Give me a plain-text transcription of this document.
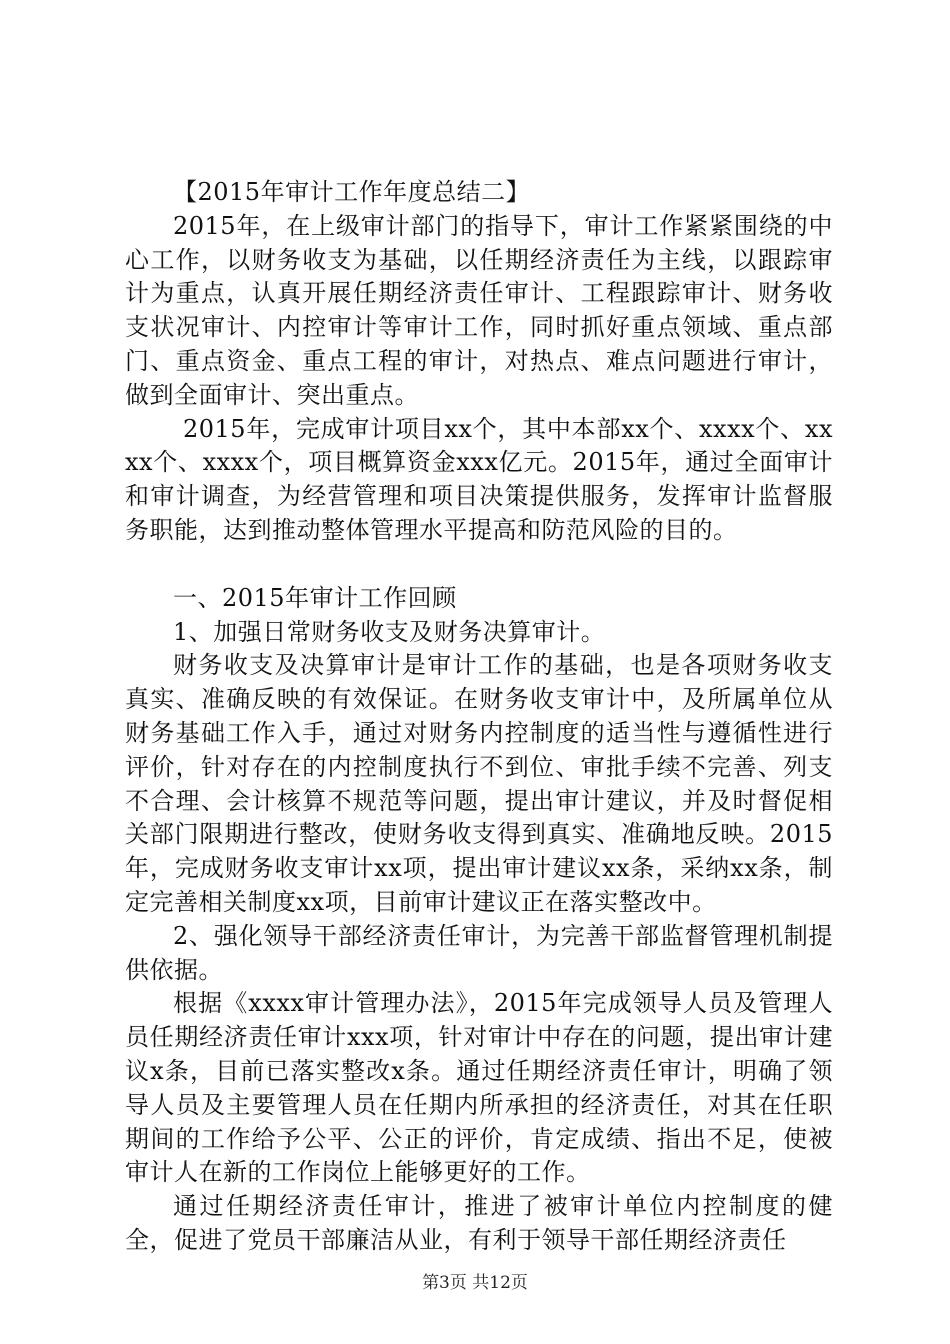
【2015年审计工作年度总结二】

2015年，在上级审计部门的指导下，审计工作紧紧围绕的中心工作，以财务收支为基础，以任期经济责任为主线，以跟踪审计为重点，认真开展任期经济责任审计、工程跟踪审计、财务收支状况审计、内控审计等审计工作，同时抓好重点领域、重点部门、重点资金、重点工程的审计，对热点、难点问题进行审计，做到全面审计、突出重点。

2015年，完成审计项目xx个，其中本部xx个、xxxx个、xxxx个、xxxx个，项目概算资金xxx亿元。2015年，通过全面审计和审计调查，为经营管理和项目决策提供服务，发挥审计监督服务职能，达到推动整体管理水平提高和防范风险的目的。

一、2015年审计工作回顾

1、加强日常财务收支及财务决算审计。

财务收支及决算审计是审计工作的基础，也是各项财务收支真实、准确反映的有效保证。在财务收支审计中，及所属单位从财务基础工作入手，通过对财务内控制度的适当性与遵循性进行评价，针对存在的内控制度执行不到位、审批手续不完善、列支不合理、会计核算不规范等问题，提出审计建议，并及时督促相关部门限期进行整改，使财务收支得到真实、准确地反映。2015年，完成财务收支审计xx项，提出审计建议xx条，采纳xx条，制定完善相关制度xx项，目前审计建议正在落实整改中。

2、强化领导干部经济责任审计，为完善干部监督管理机制提供依据。

根据《xxxx审计管理办法》，2015年完成领导人员及管理人员任期经济责任审计xxx项，针对审计中存在的问题，提出审计建议x条，目前已落实整改x条。通过任期经济责任审计，明确了领导人员及主要管理人员在任期内所承担的经济责任，对其在任职期间的工作给予公平、公正的评价，肯定成绩、指出不足，使被审计人在新的工作岗位上能够更好的工作。

通过任期经济责任审计，推进了被审计单位内控制度的健全，促进了党员干部廉洁从业，有利于领导干部任期经济责任

第3页 共12页
